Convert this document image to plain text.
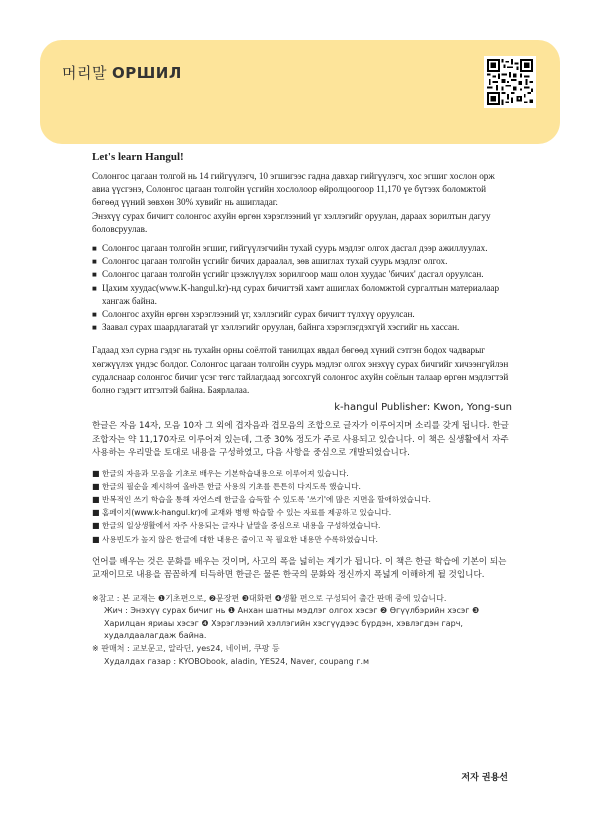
머리말 ОРШИЛ

Let's learn Hangul!

Солонгос цагаан толгой нь 14 гийгүүлэгч, 10 эгшигээс гадна давхар гийгүүлэгч, хос эгшиг хослон орж авиа үүсгэнэ, Солонгос цагаан толгойн үсгийн хослолоор өйролцоогоор 11,170 үе бүтээх боломжтой бөгөөд үүний зөвхөн 30% хувийг нь ашигладаг.

Энэхүү сурах бичигт солонгос ахуйн өргөн хэрэглээний үг хэллэгийг оруулан, дараах зорилтын дагуу боловсруулав.

■ Солонгос цагаан толгойн эгшиг, гийгүүлэгчийн тухай суурь мэдлэг олгох дасгал дээр ажиллуулах.
■ Солонгос цагаан толгойн үсгийг бичих дараалал, зөв ашиглах тухай суурь мэдлэг олгох.
■ Солонгос цагаан толгойн үсгийг цээжлүүлэх зорилгоор маш олон хуудас 'бичих' дасгал оруулсан.
■ Цахим хуудас(www.K-hangul.kr)-нд сурах бичигтэй хамт ашиглах боломжтой сургалтын материалаар хангаж байна.
■ Солонгос ахуйн өргөн хэрэглээний үг, хэллэгийг сурах бичигт түлхүү оруулсан.
■ Заавал сурах шаардлагатай үг хэллэгийг оруулан, байнга хэрэглэгдэхгүй хэсгийг нь хассан.

Гадаад хэл сурна гэдэг нь тухайн орны соёлтой танилцах явдал бөгөөд хүний сэтгэн бодох чадварыг хөгжүүлэх үндэс болдог. Солонгос цагаан толгойн суурь мэдлэг олгох энэхүү сурах бичгийг хичээнгүйлэн судалснаар солонгос бичиг үсэг төгс тайлагдаад зогсохгүй солонгос ахуйн соёлын талаар өргөн мэдлэгтэй болно гэдэгт итгэлтэй байна. Баярлалаа.

k-hangul Publisher: Kwon, Yong-sun

한글은 자음 14자, 모음 10자 그 외에 겹자음과 겹모음의 조합으로 글자가 이루어지며 소리를 갖게 됩니다. 한글 조합자는 약 11,170자로 이루어져 있는데, 그중 30% 정도가 주로 사용되고 있습니다. 이 책은 실생활에서 자주 사용하는 우리말을 토대로 내용을 구성하였고, 다음 사항을 중심으로 개발되었습니다.

■ 한글의 자음과 모음을 기초로 배우는 기본학습내용으로 이루어져 있습니다.
■ 한글의 필순을 제시하여 올바른 한글 사용의 기초를 튼튼히 다지도록 했습니다.
■ 반복적인 쓰기 학습을 통해 자연스레 한글을 습득할 수 있도록 '쓰기'에 많은 지면을 할애하였습니다.
■ 홈페이지(www.k-hangul.kr)에 교재와 병행 학습할 수 있는 자료를 제공하고 있습니다.
■ 한글의 일상생활에서 자주 사용되는 글자나 낱말을 중심으로 내용을 구성하였습니다.
■ 사용빈도가 높지 않은 한글에 대한 내용은 줄이고 꼭 필요한 내용만 수록하였습니다.

언어를 배우는 것은 문화를 배우는 것이며, 사고의 폭을 넓히는 계기가 됩니다. 이 책은 한글 학습에 기본이 되는 교재이므로 내용을 꼼꼼하게 터득하면 한글은 물론 한국의 문화와 정신까지 폭넓게 이해하게 될 것입니다.

※참고 : 본 교재는 ❶기초편으로, ❷문장편 ❸대화편 ❹생활 편으로 구성되어 출간 판매 중에 있습니다.

Жич : Энэхүү сурах бичиг нь ❶ Анхан шатны мэдлэг олгох хэсэг ❷ Өгүүлбэрийн хэсэг ❸ Харилцан яриаы хэсэг ❹ Хэрэглээний хэллэгийн хэсгүүдээс бүрдэн, хэвлэгдэн гарч, худалдаалагдаж байна.

※ 판매처 : 교보문고, 알라딘, yes24, 네이버, 쿠팡 등

Худалдах газар : KYOBObook, aladin, YES24, Naver, coupang г.м

저자 권용선
